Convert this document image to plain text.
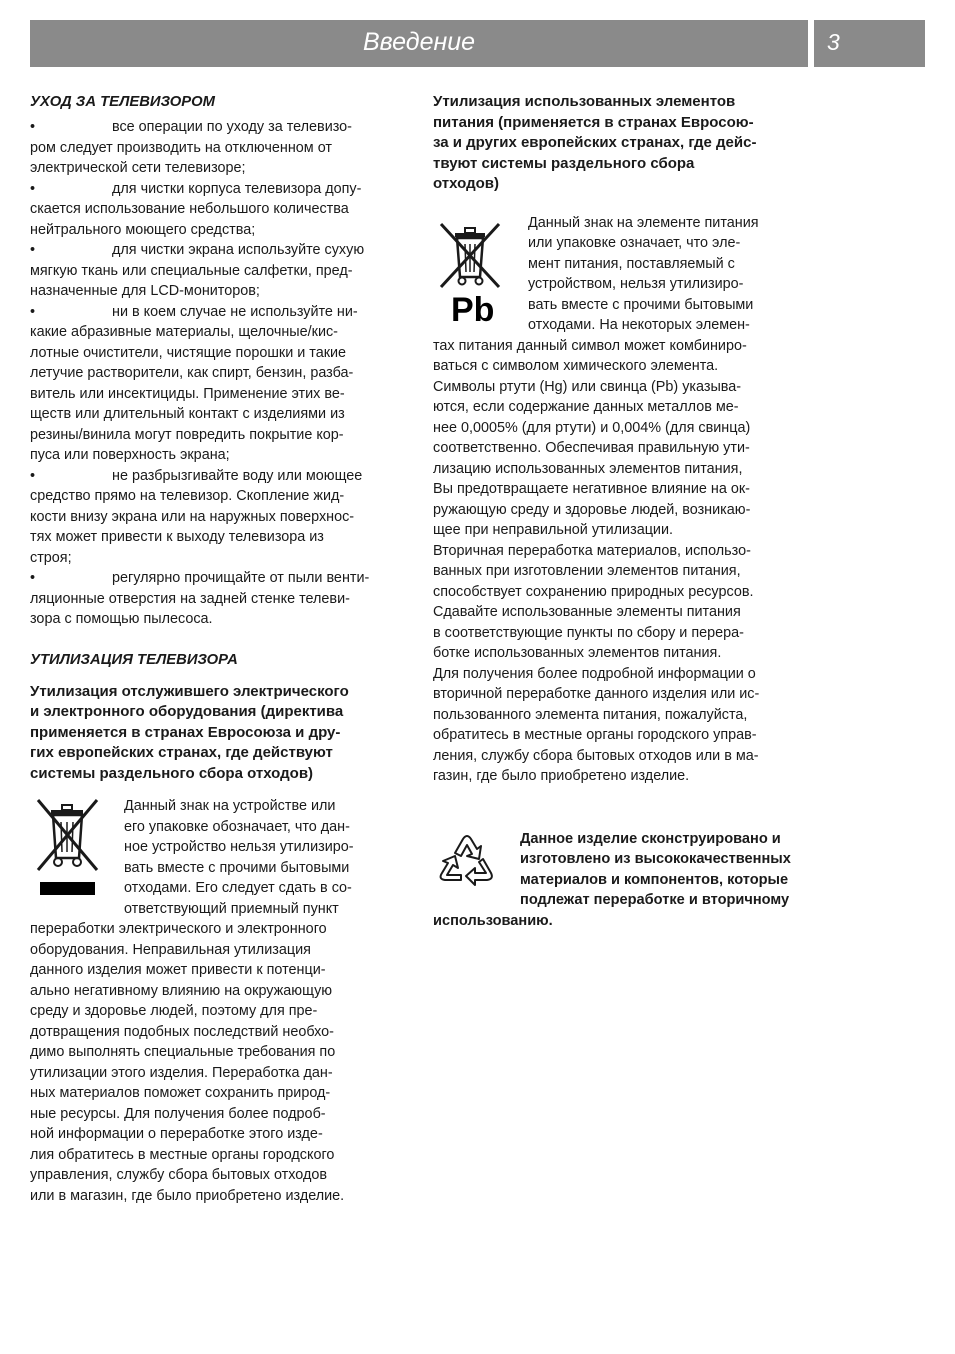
Введение	3

УХОД ЗА ТЕЛЕВИЗОРОМ

•	все операции по уходу за телевизо-
ром следует производить на отключенном от
электрической сети телевизоре;
•	для чистки корпуса телевизора допу-
скается использование небольшого количества
нейтрального моющего средства;
•	для чистки экрана используйте сухую
мягкую ткань или специальные салфетки, пред-
назначенные для LCD-мониторов;
•	ни в коем случае не используйте ни-
какие абразивные материалы, щелочные/кис-
лотные очистители, чистящие порошки и такие
летучие растворители, как спирт, бензин, разба-
витель или инсектициды. Применение этих ве-
ществ или длительный контакт с изделиями из
резины/винила могут повредить покрытие кор-
пуса или поверхность экрана;

•	не разбрызгивайте воду или моющее
средство прямо на телевизор. Скопление жид-
кости внизу экрана или на наружных поверхнос-
тях может привести к выходу телевизора из
строя;
•	регулярно прочищайте от пыли венти-
ляционные отверстия на задней стенке телеви-
зора с помощью пылесоса.

УТИЛИЗАЦИЯ ТЕЛЕВИЗОРА

Утилизация отслужившего электрического
и электронного оборудования (директива
применяется в странах Евросоюза и дру-
гих европейских странах, где действуют
системы раздельного сбора отходов)

Данный знак на устройстве или
его упаковке обозначает, что дан-
ное устройство нельзя утилизиро-
вать вместе с прочими бытовыми
отходами. Его следует сдать в со-
ответствующий приемный пункт

переработки электрического и электронного
оборудования. Неправильная утилизация
данного изделия может привести к потенци-
ально негативному влиянию на окружающую
среду и здоровье людей, поэтому для пре-
дотвращения подобных последствий необхо-
димо выполнять специальные требования по
утилизации этого изделия. Переработка дан-
ных материалов поможет сохранить природ-
ные ресурсы. Для получения более подроб-
ной информации о переработке этого изде-
лия обратитесь в местные органы городского
управления, службу сбора бытовых отходов
или в магазин, где было приобретено изделие.

Утилизация использованных элементов
питания (применяется в странах Евросою-
за и других европейских странах, где дейс-
твуют системы раздельного сбора
отходов)

Pb

Данный знак на элементе питания
или упаковке означает, что эле-
мент питания, поставляемый с
устройством, нельзя утилизиро-
вать вместе с прочими бытовыми
отходами. На некоторых элемен-

тах питания данный символ может комбиниро-
ваться с символом химического элемента.
Символы ртути (Hg) или свинца (Pb) указыва-
ются, если содержание данных металлов ме-
нее 0,0005% (для ртути) и 0,004% (для свинца)
соответственно. Обеспечивая правильную ути-
лизацию использованных элементов питания,
Вы предотвращаете негативное влияние на ок-
ружающую среду и здоровье людей, возникаю-
щее при неправильной утилизации.
Вторичная переработка материалов, использо-
ванных при изготовлении элементов питания,
способствует сохранению природных ресурсов.
Сдавайте использованные элементы питания
в соответствующие пункты по сбору и перера-
ботке использованных элементов питания.
Для получения более подробной информации о
вторичной переработке данного изделия или ис-
пользованного элемента питания, пожалуйста,
обратитесь в местные органы городского управ-
ления, службу сбора бытовых отходов или в ма-
газин, где было приобретено изделие.

Данное изделие сконструировано и
изготовлено из высококачественных
материалов и компонентов, которые
подлежат переработке и вторичному
использованию.
